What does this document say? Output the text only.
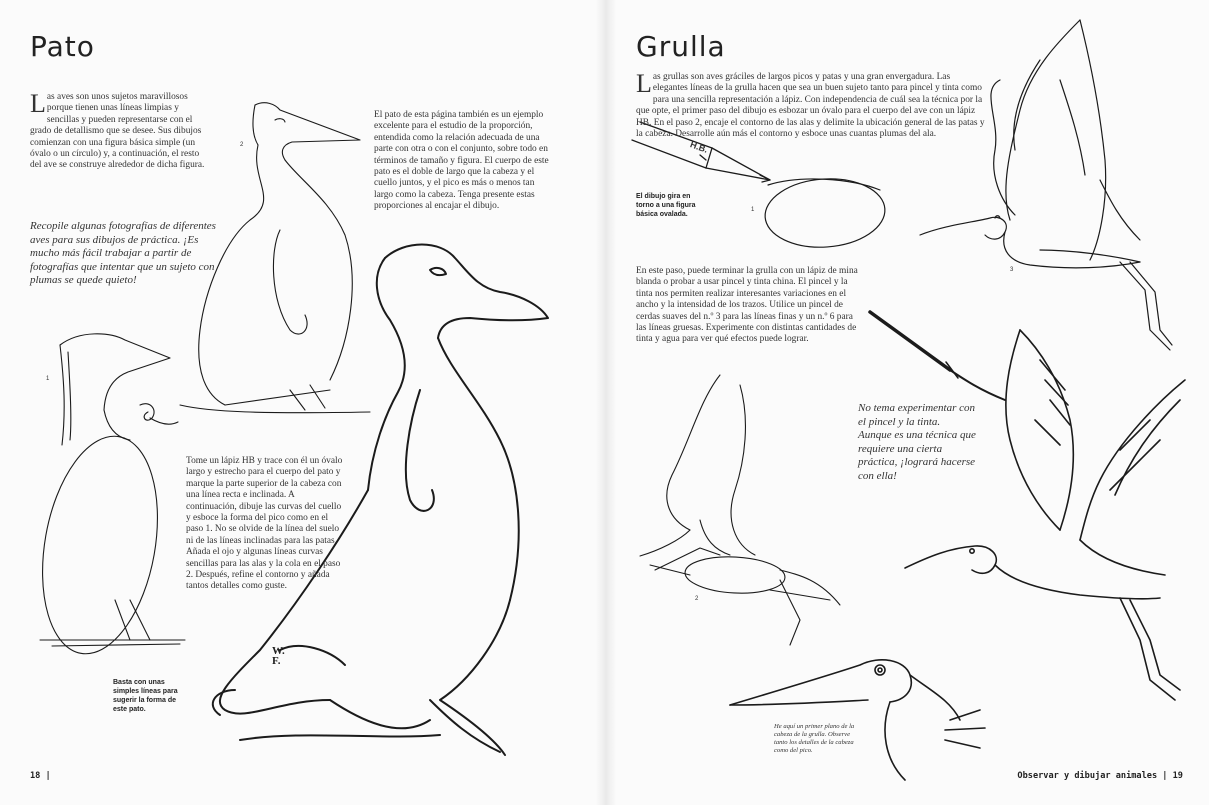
Pato
Las aves son unos sujetos maravillosos porque tienen unas líneas limpias y sencillas y pueden representarse con el grado de detallismo que se desee. Sus dibujos comienzan con una figura básica simple (un óvalo o un círculo) y, a continuación, el resto del ave se construye alrededor de dicha figura.
Recopile algunas fotografías de diferentes aves para sus dibujos de práctica. ¡Es mucho más fácil trabajar a partir de fotografías que intentar que un sujeto con plumas se quede quieto!
El pato de esta página también es un ejemplo excelente para el estudio de la proporción, entendida como la relación adecuada de una parte con otra o con el conjunto, sobre todo en términos de tamaño y figura. El cuerpo de este pato es el doble de largo que la cabeza y el cuello juntos, y el pico es más o menos tan largo como la cabeza. Tenga presente estas proporciones al encajar el dibujo.
Tome un lápiz HB y trace con él un óvalo largo y estrecho para el cuerpo del pato y marque la parte superior de la cabeza con una línea recta e inclinada. A continuación, dibuje las curvas del cuello y esboce la forma del pico como en el paso 1. No se olvide de la línea del suelo ni de las líneas inclinadas para las patas. Añada el ojo y algunas líneas curvas sencillas para las alas y la cola en el paso 2. Después, refine el contorno y añada tantos detalles como guste.
Basta con unas simples líneas para sugerir la forma de este pato.
1
2
W.F.
18 |
Grulla
Las grullas son aves gráciles de largos picos y patas y una gran envergadura. Las elegantes líneas de la grulla hacen que sea un buen sujeto tanto para pincel y tinta como para una sencilla representación a lápiz. Con independencia de cuál sea la técnica por la que opte, el primer paso del dibujo es esbozar un óvalo para el cuerpo del ave con un lápiz HB. En el paso 2, encaje el contorno de las alas y delimite la ubicación general de las patas y la cabeza. Desarrolle aún más el contorno y esboce unas cuantas plumas del ala.
H.B.
El dibujo gira en torno a una figura básica ovalada.
1
2
3
En este paso, puede terminar la grulla con un lápiz de mina blanda o probar a usar pincel y tinta china. El pincel y la tinta nos permiten realizar interesantes variaciones en el ancho y la intensidad de los trazos. Utilice un pincel de cerdas suaves del n.º 3 para las líneas finas y un n.º 6 para las líneas gruesas. Experimente con distintas cantidades de tinta y agua para ver qué efectos puede lograr.
No tema experimentar con el pincel y la tinta. Aunque es una técnica que requiere una cierta práctica, ¡logrará hacerse con ella!
He aquí un primer plano de la cabeza de la grulla. Observe tanto los detalles de la cabeza como del pico.
Observar y dibujar animales | 19
